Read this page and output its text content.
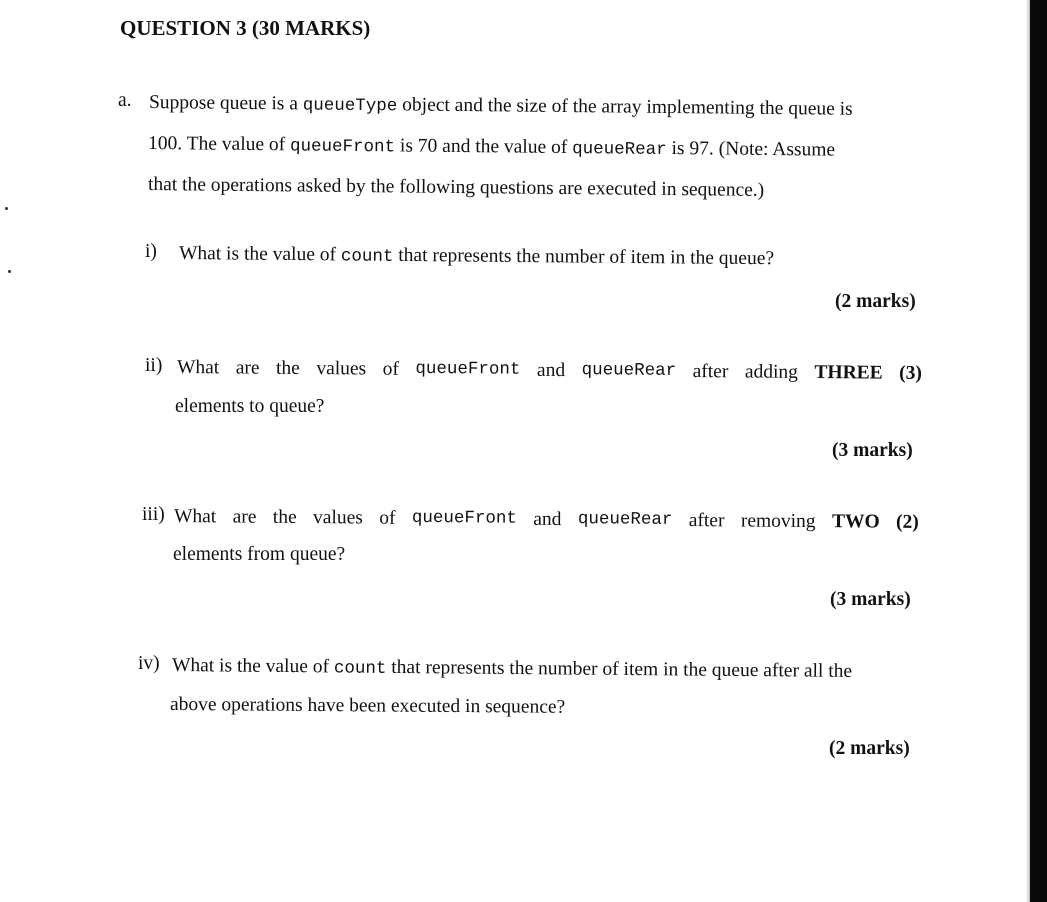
QUESTION 3 (30 MARKS)
a. Suppose queue is a queueType object and the size of the array implementing the queue is
100. The value of queueFront is 70 and the value of queueRear is 97. (Note: Assume
that the operations asked by the following questions are executed in sequence.)
i) What is the value of count that represents the number of item in the queue?
(2 marks)
ii) What are the values of queueFront and queueRear after adding THREE (3)
elements to queue?
(3 marks)
iii) What are the values of queueFront and queueRear after removing TWO (2)
elements from queue?
(3 marks)
iv) What is the value of count that represents the number of item in the queue after all the
above operations have been executed in sequence?
(2 marks)
